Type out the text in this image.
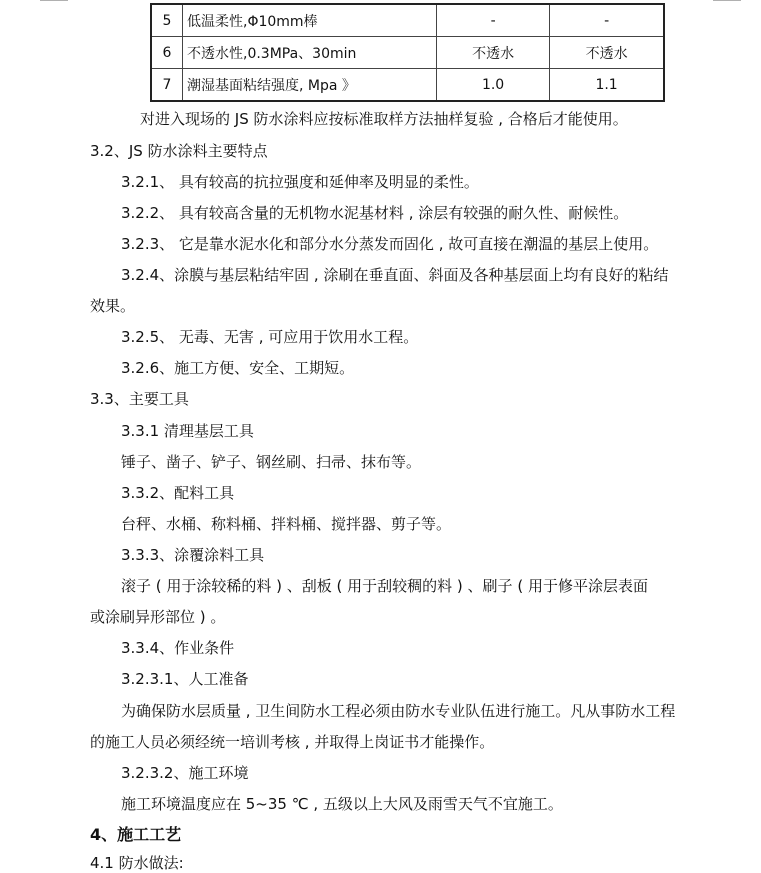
5	低温柔性,Φ10mm棒	-	-
6	不透水性,0.3MPa、30min	不透水	不透水
7	潮湿基面粘结强度, Mpa 》	1.0	1.1
对进入现场的 JS 防水涂料应按标准取样方法抽样复验 , 合格后才能使用。
3.2、JS 防水涂料主要特点
3.2.1、 具有较高的抗拉强度和延伸率及明显的柔性。
3.2.2、 具有较高含量的无机物水泥基材料 , 涂层有较强的耐久性、耐候性。
3.2.3、 它是靠水泥水化和部分水分蒸发而固化 , 故可直接在潮温的基层上使用。
3.2.4、涂膜与基层粘结牢固 , 涂刷在垂直面、斜面及各种基层面上均有良好的粘结
效果。
3.2.5、 无毒、无害 , 可应用于饮用水工程。
3.2.6、施工方便、安全、工期短。
3.3、主要工具
3.3.1 清理基层工具
锤子、凿子、铲子、钢丝刷、扫帚、抹布等。
3.3.2、配料工具
台秤、水桶、称料桶、拌料桶、搅拌器、剪子等。
3.3.3、涂覆涂料工具
滚子 ( 用于涂较稀的料 ) 、刮板 ( 用于刮较稠的料 ) 、刷子 ( 用于修平涂层表面
或涂刷异形部位 ) 。
3.3.4、作业条件
3.2.3.1、人工准备
为确保防水层质量 , 卫生间防水工程必须由防水专业队伍进行施工。凡从事防水工程
的施工人员必须经统一培训考核 , 并取得上岗证书才能操作。
3.2.3.2、施工环境
施工环境温度应在 5~35 ℃ , 五级以上大风及雨雪天气不宜施工。
4、施工工艺
4.1 防水做法:
